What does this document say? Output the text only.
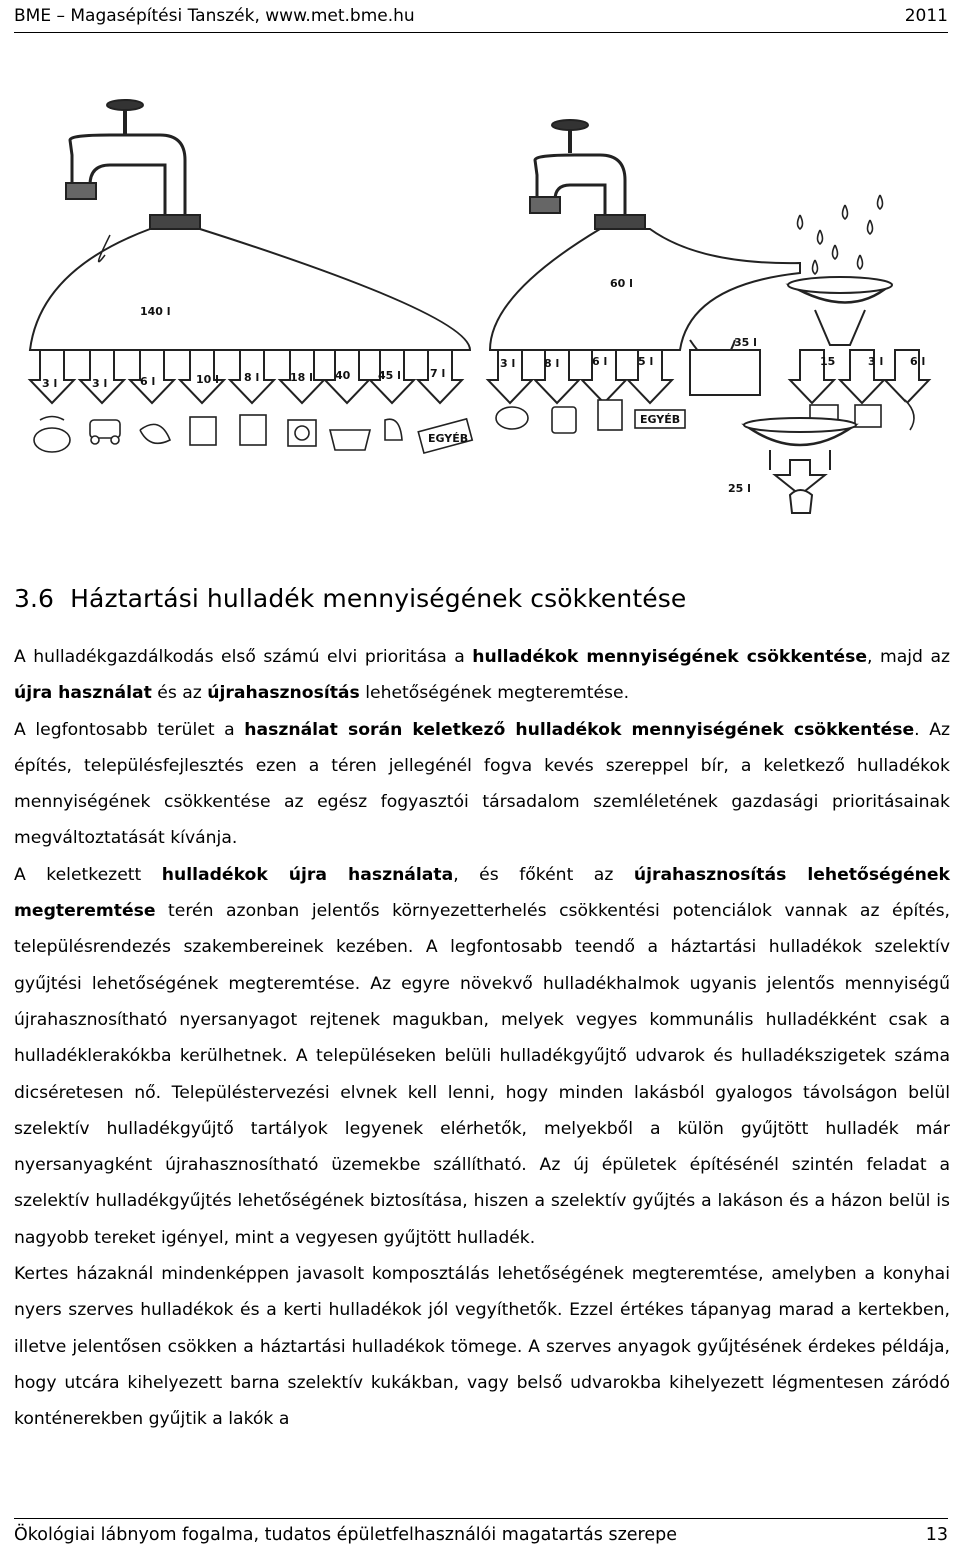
BME – Magasépítési Tanszék, www.met.bme.hu	2011
140 l
3 l	3 l	6 l	10 l 8 l	18 l 40	45 l	7 l
EGYÉB
60 l
3 l	8 l	6 l	5 l
35 l
15	3 l 6 l
25 l
EGYÉB
3.6 Háztartási hulladék mennyiségének csökkentése

A hulladékgazdálkodás első számú elvi prioritása a hulladékok mennyiségének csökkentése, majd az újra használat és az újrahasznosítás lehetőségének megteremtése.

A legfontosabb terület a használat során keletkező hulladékok mennyiségének csökkentése. Az építés, településfejlesztés ezen a téren jellegénél fogva kevés szereppel bír, a keletkező hulladékok mennyiségének csökkentése az egész fogyasztói társadalom szemléletének gazdasági prioritásainak megváltoztatását kívánja.

A keletkezett hulladékok újra használata, és főként az újrahasznosítás lehetőségének megteremtése terén azonban jelentős környezetterhelés csökkentési potenciálok vannak az építés, településrendezés szakembereinek kezében. A legfontosabb teendő a háztartási hulladékok szelektív gyűjtési lehetőségének megteremtése. Az egyre növekvő hulladékhalmok ugyanis jelentős mennyiségű újrahasznosítható nyersanyagot rejtenek magukban, melyek vegyes kommunális hulladékként csak a hulladéklerakókba kerülhetnek. A településeken belüli hulladékgyűjtő udvarok és hulladékszigetek száma dicséretesen nő. Településtervezési elvnek kell lenni, hogy minden lakásból gyalogos távolságon belül szelektív hulladékgyűjtő tartályok legyenek elérhetők, melyekből a külön gyűjtött hulladék már nyersanyagként újrahasznosítható üzemekbe szállítható. Az új épületek építésénél szintén feladat a szelektív hulladékgyűjtés lehetőségének biztosítása, hiszen a szelektív gyűjtés a lakáson és a házon belül is nagyobb tereket igényel, mint a vegyesen gyűjtött hulladék.

Kertes házaknál mindenképpen javasolt komposztálás lehetőségének megteremtése, amelyben a konyhai nyers szerves hulladékok és a kerti hulladékok jól vegyíthetők. Ezzel értékes tápanyag marad a kertekben, illetve jelentősen csökken a háztartási hulladékok tömege. A szerves anyagok gyűjtésének érdekes példája, hogy utcára kihelyezett barna szelektív kukákban, vagy belső udvarokba kihelyezett légmentesen záródó konténerekben gyűjtik a lakók a

Ökológiai lábnyom fogalma, tudatos épületfelhasználói magatartás szerepe	13
